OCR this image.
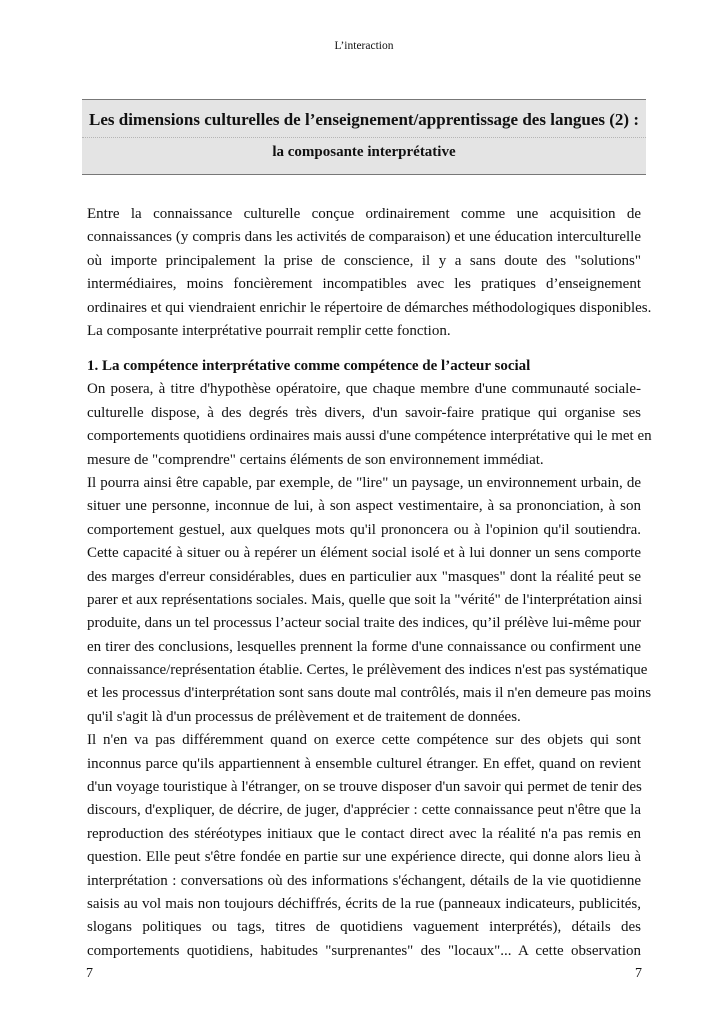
L’interaction
Les dimensions culturelles de l’enseignement/apprentissage des langues (2) :
la composante interprétative
Entre la connaissance culturelle conçue ordinairement comme une acquisition de
connaissances (y compris dans les activités de comparaison) et une éducation interculturelle
où importe principalement la prise de conscience, il y a sans doute des "solutions"
intermédiaires, moins foncièrement incompatibles avec les pratiques d’enseignement
ordinaires et qui viendraient enrichir le répertoire de démarches méthodologiques disponibles.
La composante interprétative pourrait remplir cette fonction.
1. La compétence interprétative comme compétence de l’acteur social
On posera, à titre d'hypothèse opératoire, que chaque membre d'une communauté sociale-
culturelle dispose, à des degrés très divers, d'un savoir-faire pratique qui organise ses
comportements quotidiens ordinaires mais aussi d'une compétence interprétative qui le met en
mesure de "comprendre" certains éléments de son environnement immédiat.
Il pourra ainsi être capable, par exemple, de "lire" un paysage, un environnement urbain, de
situer une personne, inconnue de lui, à son aspect vestimentaire, à sa prononciation, à son
comportement gestuel, aux quelques mots qu'il prononcera ou à l'opinion qu'il soutiendra.
Cette capacité à situer ou à repérer un élément social isolé et à lui donner un sens comporte
des marges d'erreur considérables, dues en particulier aux "masques" dont la réalité peut se
parer et aux représentations sociales. Mais, quelle que soit la "vérité" de l'interprétation ainsi
produite, dans un tel processus l’acteur social traite des indices, qu’il prélève lui-même pour
en tirer des conclusions, lesquelles prennent la forme d'une connaissance ou confirment une
connaissance/représentation établie. Certes, le prélèvement des indices n'est pas systématique
et les processus d'interprétation sont sans doute mal contrôlés, mais il n'en demeure pas moins
qu'il s'agit là d'un processus de prélèvement et de traitement de données.
Il n'en va pas différemment quand on exerce cette compétence sur des objets qui sont
inconnus parce qu'ils appartiennent à ensemble culturel étranger. En effet, quand on revient
d'un voyage touristique à l'étranger, on se trouve disposer d'un savoir qui permet de tenir des
discours, d'expliquer, de décrire, de juger, d'apprécier : cette connaissance peut n'être que la
reproduction des stéréotypes initiaux que le contact direct avec la réalité n'a pas remis en
question. Elle peut s'être fondée en partie sur une expérience directe, qui donne alors lieu à
interprétation : conversations où des informations s'échangent, détails de la vie quotidienne
saisis au vol mais non toujours déchiffrés, écrits de la rue (panneaux indicateurs, publicités,
slogans politiques ou tags, titres de quotidiens vaguement interprétés), détails des
comportements quotidiens, habitudes "surprenantes" des "locaux"... A cette observation
7	7
